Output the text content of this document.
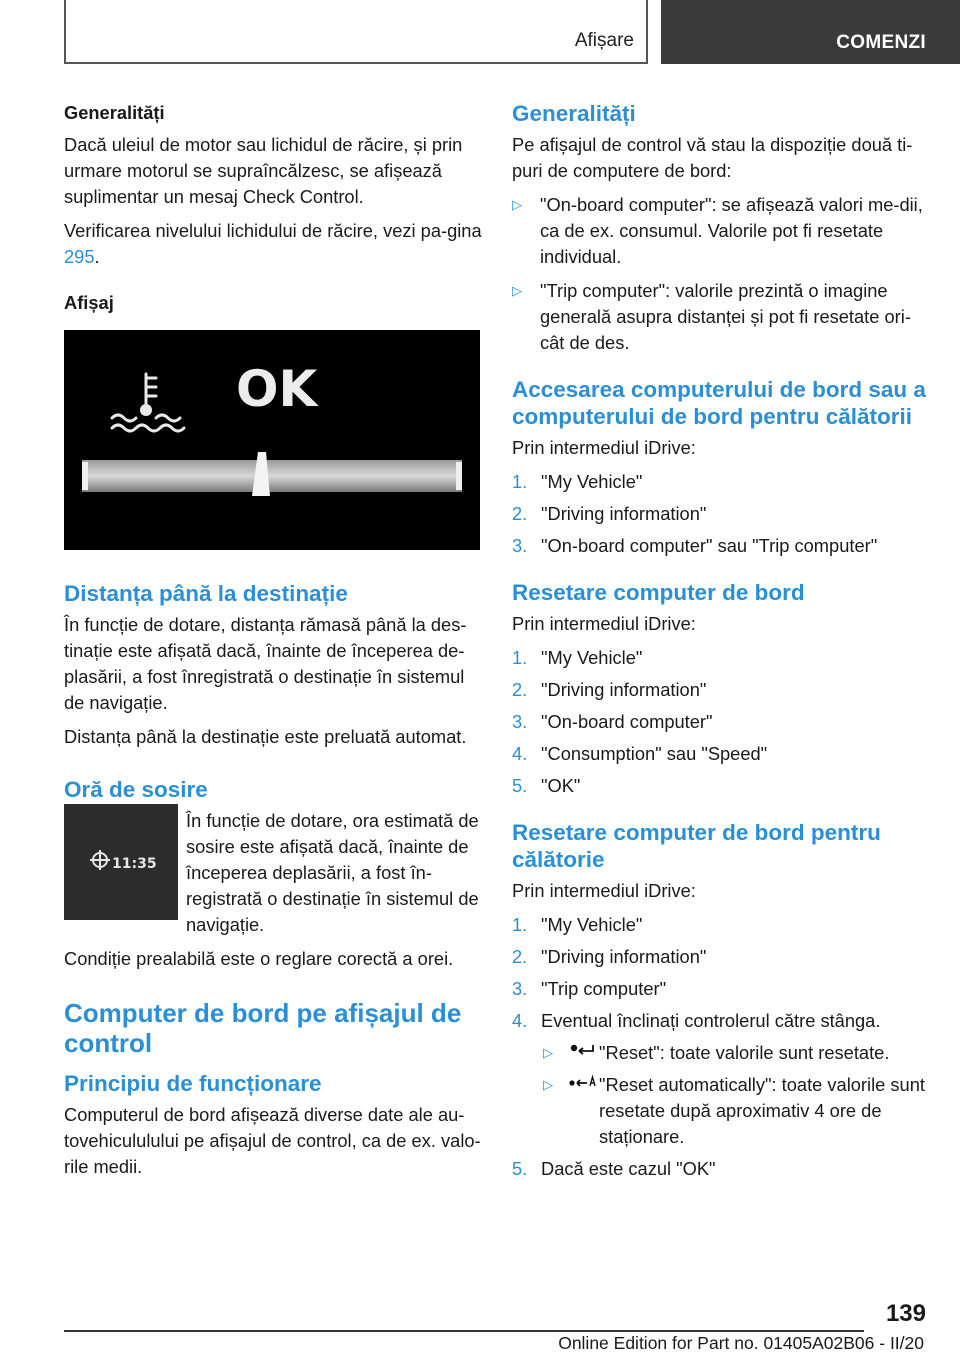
Afișare	COMENZI
Generalități

Dacă uleiul de motor sau lichidul de răcire, și prin urmare motorul se supraîncălzesc, se afișează suplimentar un mesaj Check Control.

Verificarea nivelului lichidului de răcire, vezi pa‐gina 295.

Afișaj
OK
Distanța până la destinație

În funcție de dotare, distanța rămasă până la des‐tinație este afișată dacă, înainte de începerea de‐plasării, a fost înregistrată o destinație în sistemul de navigație.

Distanța până la destinație este preluată automat.

Oră de sosire
11:35

În funcție de dotare, ora estimată de sosire este afișată dacă, înainte de începerea deplasării, a fost în‐registrată o destinație în sistemul de navigație.

Condiție prealabilă este o reglare corectă a orei.

Computer de bord pe afișajul de control
Principiu de funcționare

Computerul de bord afișează diverse date ale au‐tovehicululului pe afișajul de control, ca de ex. valo‐rile medii.

Generalități

Pe afișajul de control vă stau la dispoziție două ti‐puri de computere de bord:

▷ "On-board computer": se afișează valori me‐dii, ca de ex. consumul. Valorile pot fi resetate individual.
▷ "Trip computer": valorile prezintă o imagine generală asupra distanței și pot fi resetate ori‐cât de des.
Accesarea computerului de bord sau a computerului de bord pentru călătorii

Prin intermediul iDrive:

1. "My Vehicle"
2. "Driving information"
3. "On-board computer" sau "Trip computer"
Resetare computer de bord

Prin intermediul iDrive:

1. "My Vehicle"
2. "Driving information"
3. "On-board computer"
4. "Consumption" sau "Speed"
5. "OK"
Resetare computer de bord pentru călătorie

Prin intermediul iDrive:

1. "My Vehicle"
2. "Driving information"
3. "Trip computer"
4. Eventual înclinați controlerul către stânga.
▷	"Reset": toate valorile sunt resetate.
▷	"Reset automatically": toate valorile sunt resetate după aproximativ 4 ore de staționare.
5. Dacă este cazul "OK"
139
Online Edition for Part no. 01405A02B06 - II/20
